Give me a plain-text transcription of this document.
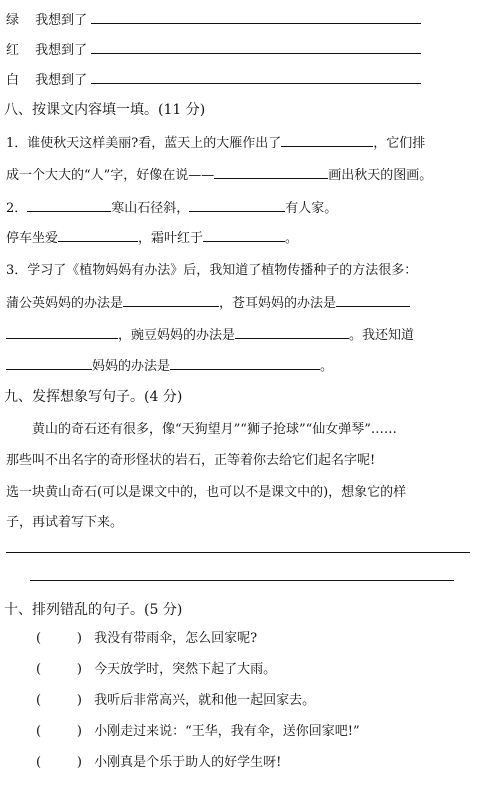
绿 我想到了
红 我想到了
白 我想到了
八、按课文内容填一填。(11 分)
1．谁使秋天这样美丽?看，蓝天上的大雁作出了	，它们排
成一个大大的“人”字，好像在说——	画出秋天的图画。
2．	寒山石径斜，	有人家。
停车坐爱	，霜叶红于	。
3．学习了《植物妈妈有办法》后，我知道了植物传播种子的方法很多：
蒲公英妈妈的办法是	，苍耳妈妈的办法是
，豌豆妈妈的办法是	。我还知道
妈妈的办法是	。
九、发挥想象写句子。(4 分)
黄山的奇石还有很多，像“天狗望月”“狮子抢球”“仙女弹琴”……
那些叫不出名字的奇形怪状的岩石，正等着你去给它们起名字呢!
选一块黄山奇石(可以是课文中的，也可以不是课文中的)，想象它的样
子，再试着写下来。
十、排列错乱的句子。(5 分)
(	) 我没有带雨伞，怎么回家呢?
(	) 今天放学时，突然下起了大雨。
(	) 我听后非常高兴，就和他一起回家去。
(	) 小刚走过来说：“王华，我有伞，送你回家吧!”
(	) 小刚真是个乐于助人的好学生呀!
